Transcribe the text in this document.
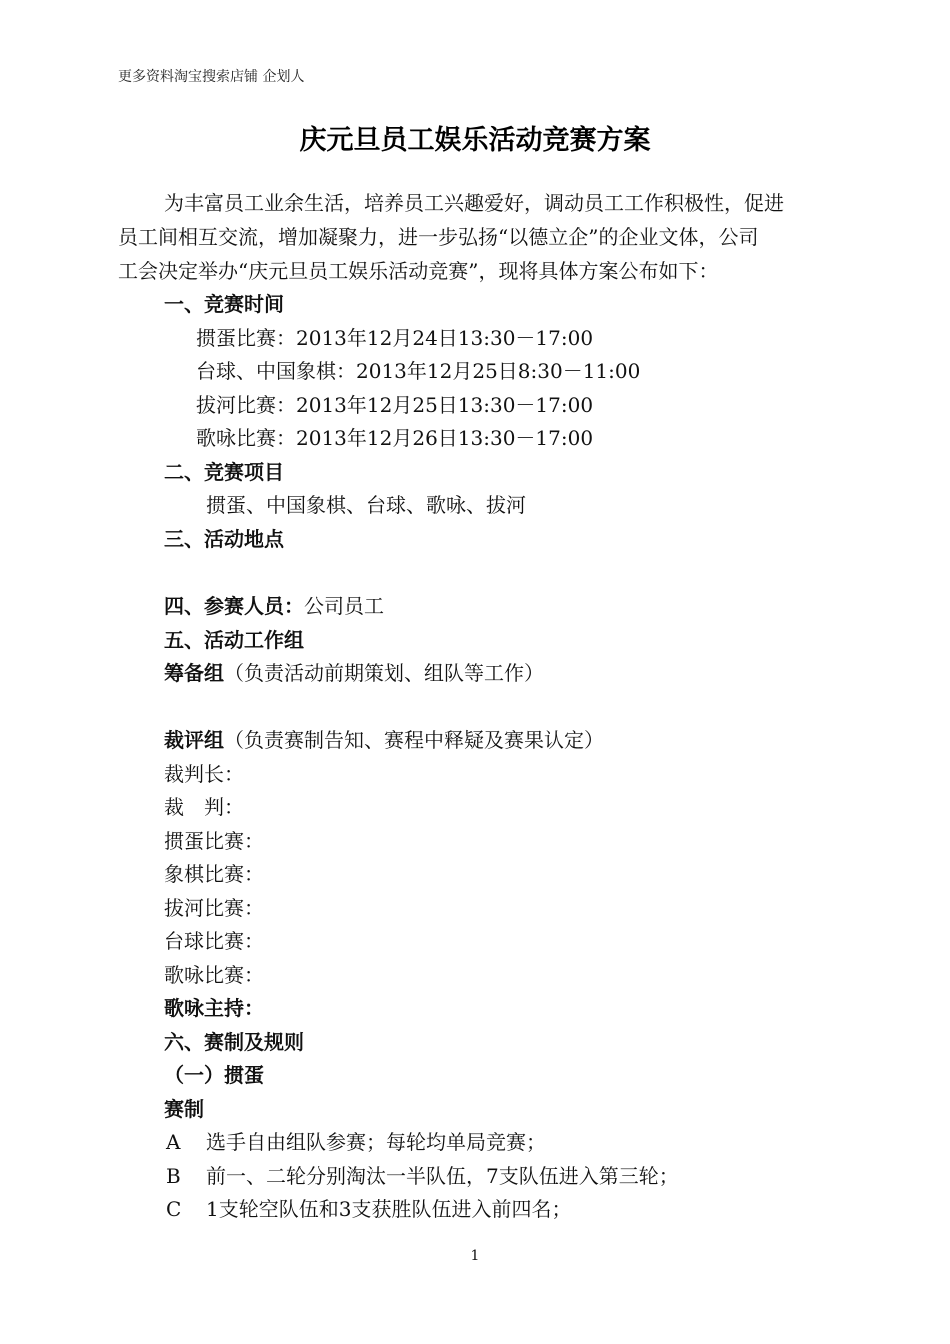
更多资料淘宝搜索店铺 企划人
庆元旦员工娱乐活动竞赛方案
为丰富员工业余生活，培养员工兴趣爱好，调动员工工作积极性，促进
员工间相互交流，增加凝聚力，进一步弘扬“以德立企”的企业文体，公司
工会决定举办“庆元旦员工娱乐活动竞赛”，现将具体方案公布如下：
一、竞赛时间
掼蛋比赛：2013年12月24日13:30－17:00
台球、中国象棋：2013年12月25日8:30－11:00
拔河比赛：2013年12月25日13:30－17:00
歌咏比赛：2013年12月26日13:30－17:00
二、竞赛项目
掼蛋、中国象棋、台球、歌咏、拔河
三、活动地点
四、参赛人员：公司员工
五、活动工作组
筹备组（负责活动前期策划、组队等工作）
裁评组（负责赛制告知、赛程中释疑及赛果认定）
裁判长：
裁　判：
掼蛋比赛：
象棋比赛：
拔河比赛：
台球比赛：
歌咏比赛：
歌咏主持：
六、赛制及规则
（一）掼蛋
赛制
A 选手自由组队参赛；每轮均单局竞赛；
B 前一、二轮分别淘汰一半队伍，7支队伍进入第三轮；
C 1支轮空队伍和3支获胜队伍进入前四名；
1
